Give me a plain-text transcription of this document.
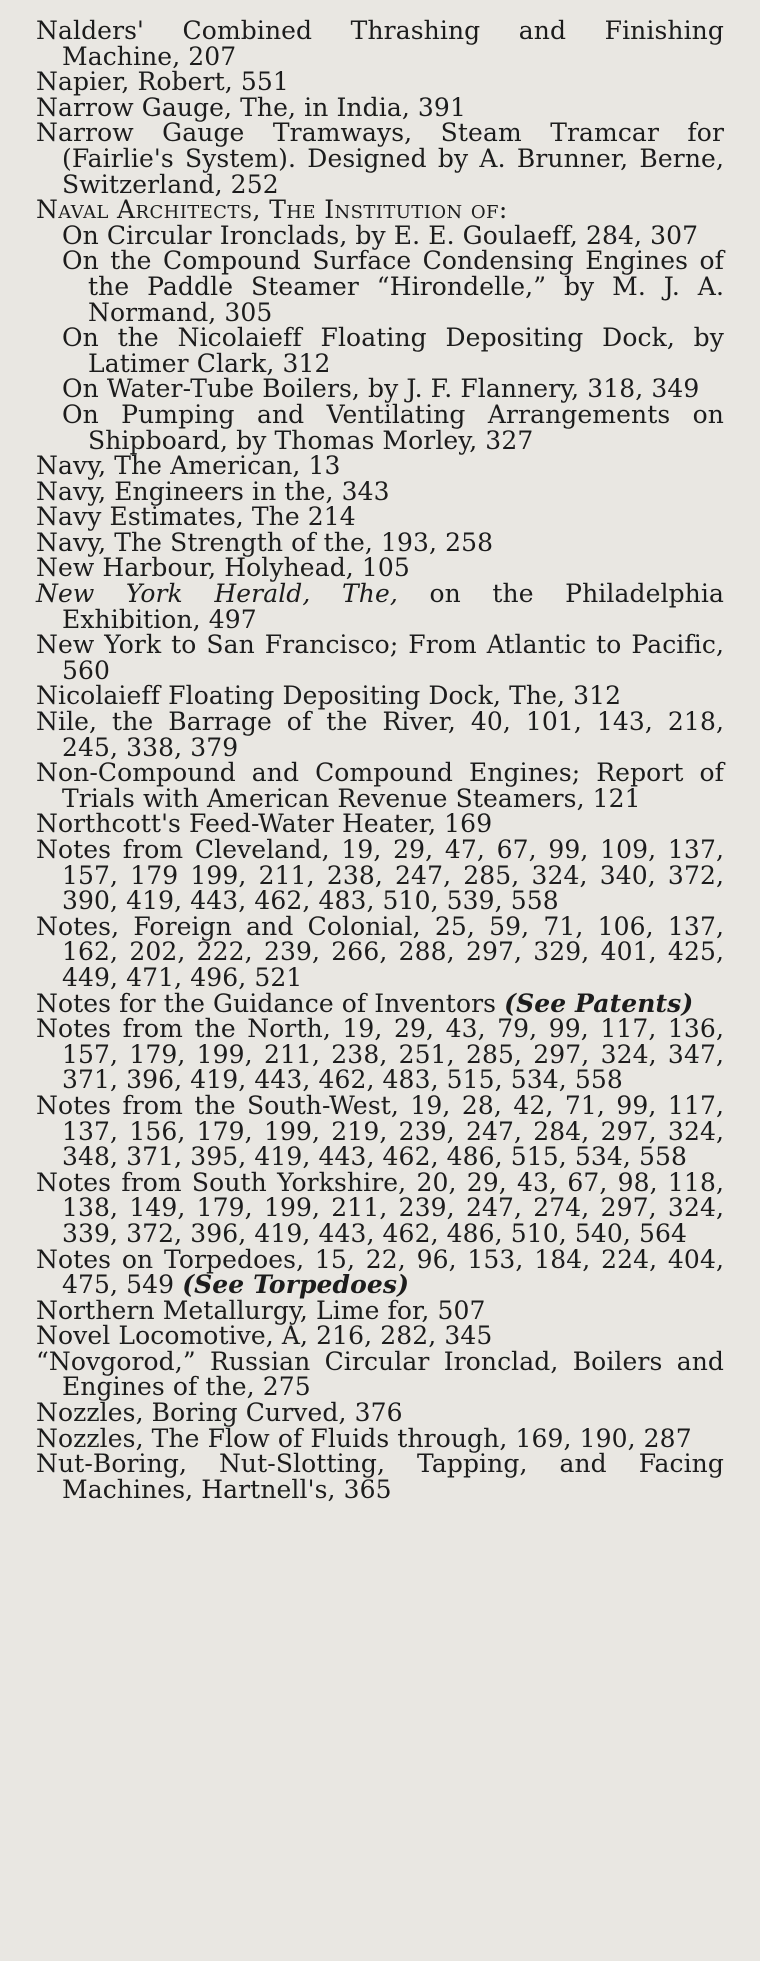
Nalders' Combined Thrashing and Finishing Machine, 207

Napier, Robert, 551

Narrow Gauge, The, in India, 391

Narrow Gauge Tramways, Steam Tramcar for (Fairlie's System). Designed by A. Brunner, Berne, Switzerland, 252

Naval Architects, The Institution of:

On Circular Ironclads, by E. E. Goulaeff, 284, 307

On the Compound Surface Condensing Engines of the Paddle Steamer “Hirondelle,” by M. J. A. Normand, 305

On the Nicolaieff Floating Depositing Dock, by Latimer Clark, 312

On Water-Tube Boilers, by J. F. Flannery, 318, 349

On Pumping and Ventilating Arrangements on Shipboard, by Thomas Morley, 327

Navy, The American, 13

Navy, Engineers in the, 343

Navy Estimates, The 214

Navy, The Strength of the, 193, 258

New Harbour, Holyhead, 105

New York Herald, The, on the Philadelphia Exhibition, 497

New York to San Francisco; From Atlantic to Pacific, 560

Nicolaieff Floating Depositing Dock, The, 312

Nile, the Barrage of the River, 40, 101, 143, 218, 245, 338, 379

Non-Compound and Compound Engines; Report of Trials with American Revenue Steamers, 121

Northcott's Feed-Water Heater, 169

Notes from Cleveland, 19, 29, 47, 67, 99, 109, 137, 157, 179 199, 211, 238, 247, 285, 324, 340, 372, 390, 419, 443, 462, 483, 510, 539, 558

Notes, Foreign and Colonial, 25, 59, 71, 106, 137, 162, 202, 222, 239, 266, 288, 297, 329, 401, 425, 449, 471, 496, 521

Notes for the Guidance of Inventors (See Patents)

Notes from the North, 19, 29, 43, 79, 99, 117, 136, 157, 179, 199, 211, 238, 251, 285, 297, 324, 347, 371, 396, 419, 443, 462, 483, 515, 534, 558

Notes from the South-West, 19, 28, 42, 71, 99, 117, 137, 156, 179, 199, 219, 239, 247, 284, 297, 324, 348, 371, 395, 419, 443, 462, 486, 515, 534, 558

Notes from South Yorkshire, 20, 29, 43, 67, 98, 118, 138, 149, 179, 199, 211, 239, 247, 274, 297, 324, 339, 372, 396, 419, 443, 462, 486, 510, 540, 564

Notes on Torpedoes, 15, 22, 96, 153, 184, 224, 404, 475, 549 (See Torpedoes)

Northern Metallurgy, Lime for, 507

Novel Locomotive, A, 216, 282, 345

“Novgorod,” Russian Circular Ironclad, Boilers and Engines of the, 275

Nozzles, Boring Curved, 376

Nozzles, The Flow of Fluids through, 169, 190, 287

Nut-Boring, Nut-Slotting, Tapping, and Facing Machines, Hartnell's, 365
